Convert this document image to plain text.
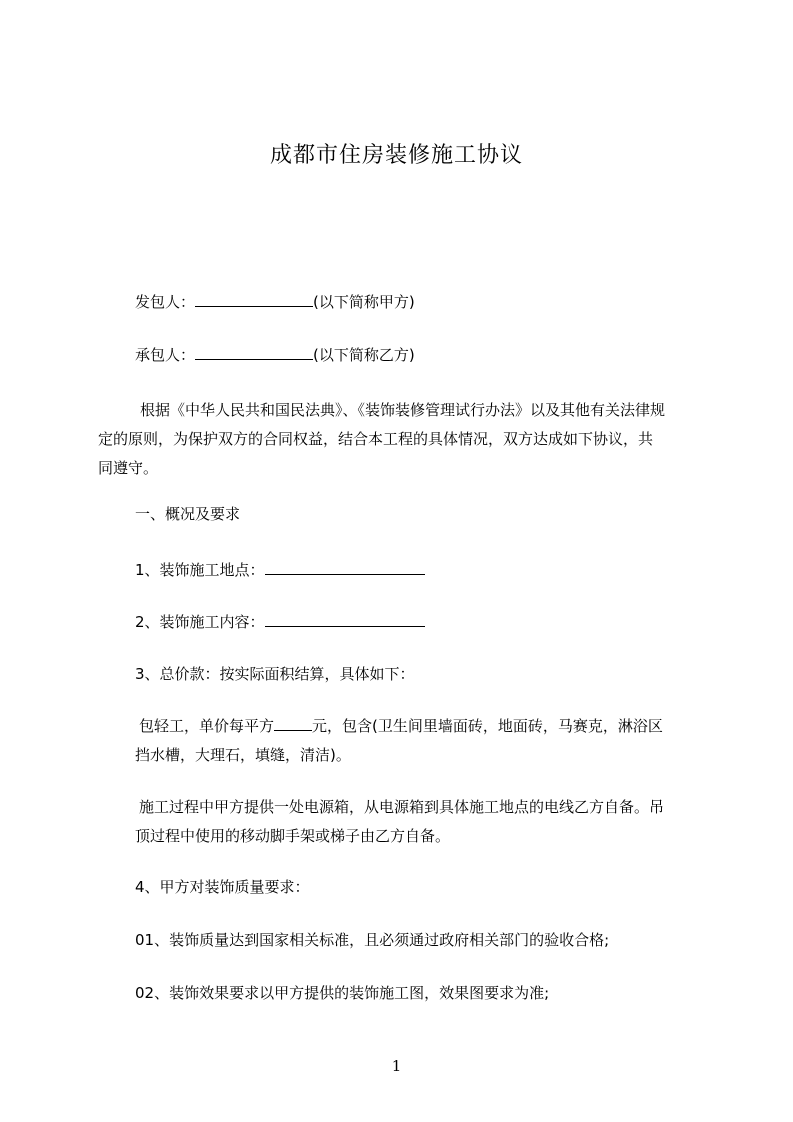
成都市住房装修施工协议
发包人：	(以下简称甲方)
承包人：	(以下简称乙方)
根据《中华人民共和国民法典》、《装饰装修管理试行办法》以及其他有关法律规
定的原则，为保护双方的合同权益，结合本工程的具体情况，双方达成如下协议，共
同遵守。
一、概况及要求
1、装饰施工地点：
2、装饰施工内容：
3、总价款：按实际面积结算，具体如下：
包轻工，单价每平方	元，包含(卫生间里墙面砖，地面砖，马赛克，淋浴区
挡水槽，大理石，填缝，清洁)。
施工过程中甲方提供一处电源箱，从电源箱到具体施工地点的电线乙方自备。吊
顶过程中使用的移动脚手架或梯子由乙方自备。
4、甲方对装饰质量要求：
01、装饰质量达到国家相关标准，且必须通过政府相关部门的验收合格;
02、装饰效果要求以甲方提供的装饰施工图，效果图要求为准;
1
